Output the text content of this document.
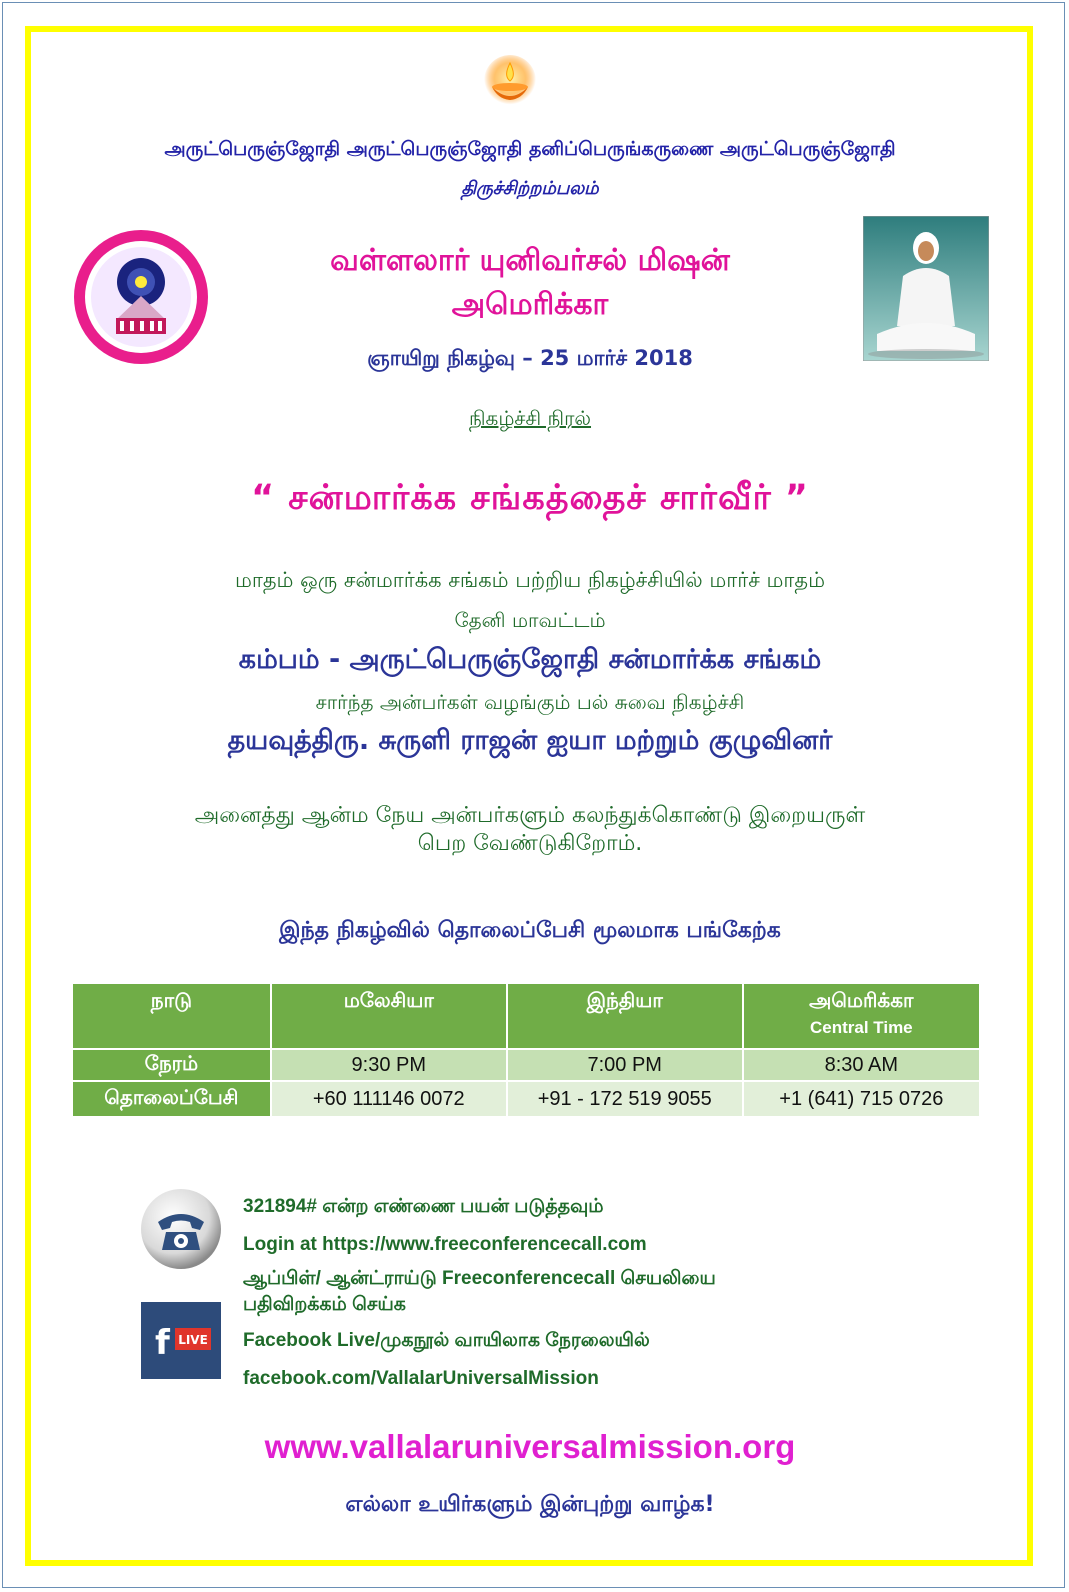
அருட்பெருஞ்ஜோதி அருட்பெருஞ்ஜோதி தனிப்பெருங்கருணை அருட்பெருஞ்ஜோதி
திருச்சிற்றம்பலம்
வள்ளலார் யுனிவர்சல் மிஷன்
அமெரிக்கா
ஞாயிறு நிகழ்வு – 25 மார்ச் 2018
நிகழ்ச்சி நிரல்
“ சன்மார்க்க சங்கத்தைச் சார்வீர் ”
மாதம் ஒரு சன்மார்க்க சங்கம் பற்றிய நிகழ்ச்சியில் மார்ச் மாதம்
தேனி மாவட்டம்
கம்பம் - அருட்பெருஞ்ஜோதி சன்மார்க்க சங்கம்
சார்ந்த அன்பர்கள் வழங்கும் பல் சுவை நிகழ்ச்சி
தயவுத்திரு. சுருளி ராஜன் ஐயா மற்றும் குழுவினர்
அனைத்து ஆன்ம நேய அன்பர்களும் கலந்துக்கொண்டு இறையருள்
பெற வேண்டுகிறோம்.
இந்த நிகழ்வில் தொலைப்பேசி மூலமாக பங்கேற்க
நாடு	மலேசியா	இந்தியா	அமெரிக்கா
Central Time

நேரம்	9:30 PM	7:00 PM	8:30 AM
தொலைப்பேசி	+60 111146 0072	+91 - 172 519 9055	+1 (641) 715 0726
f LIVE
321894# என்ற எண்ணை பயன் படுத்தவும்
Login at https://www.freeconferencecall.com
ஆப்பிள்/ ஆன்ட்ராய்டு Freeconferencecall செயலியை
பதிவிறக்கம் செய்க
Facebook Live/முகநூல் வாயிலாக நேரலையில்
facebook.com/VallalarUniversalMission
www.vallalaruniversalmission.org
எல்லா உயிர்களும் இன்புற்று வாழ்க!
